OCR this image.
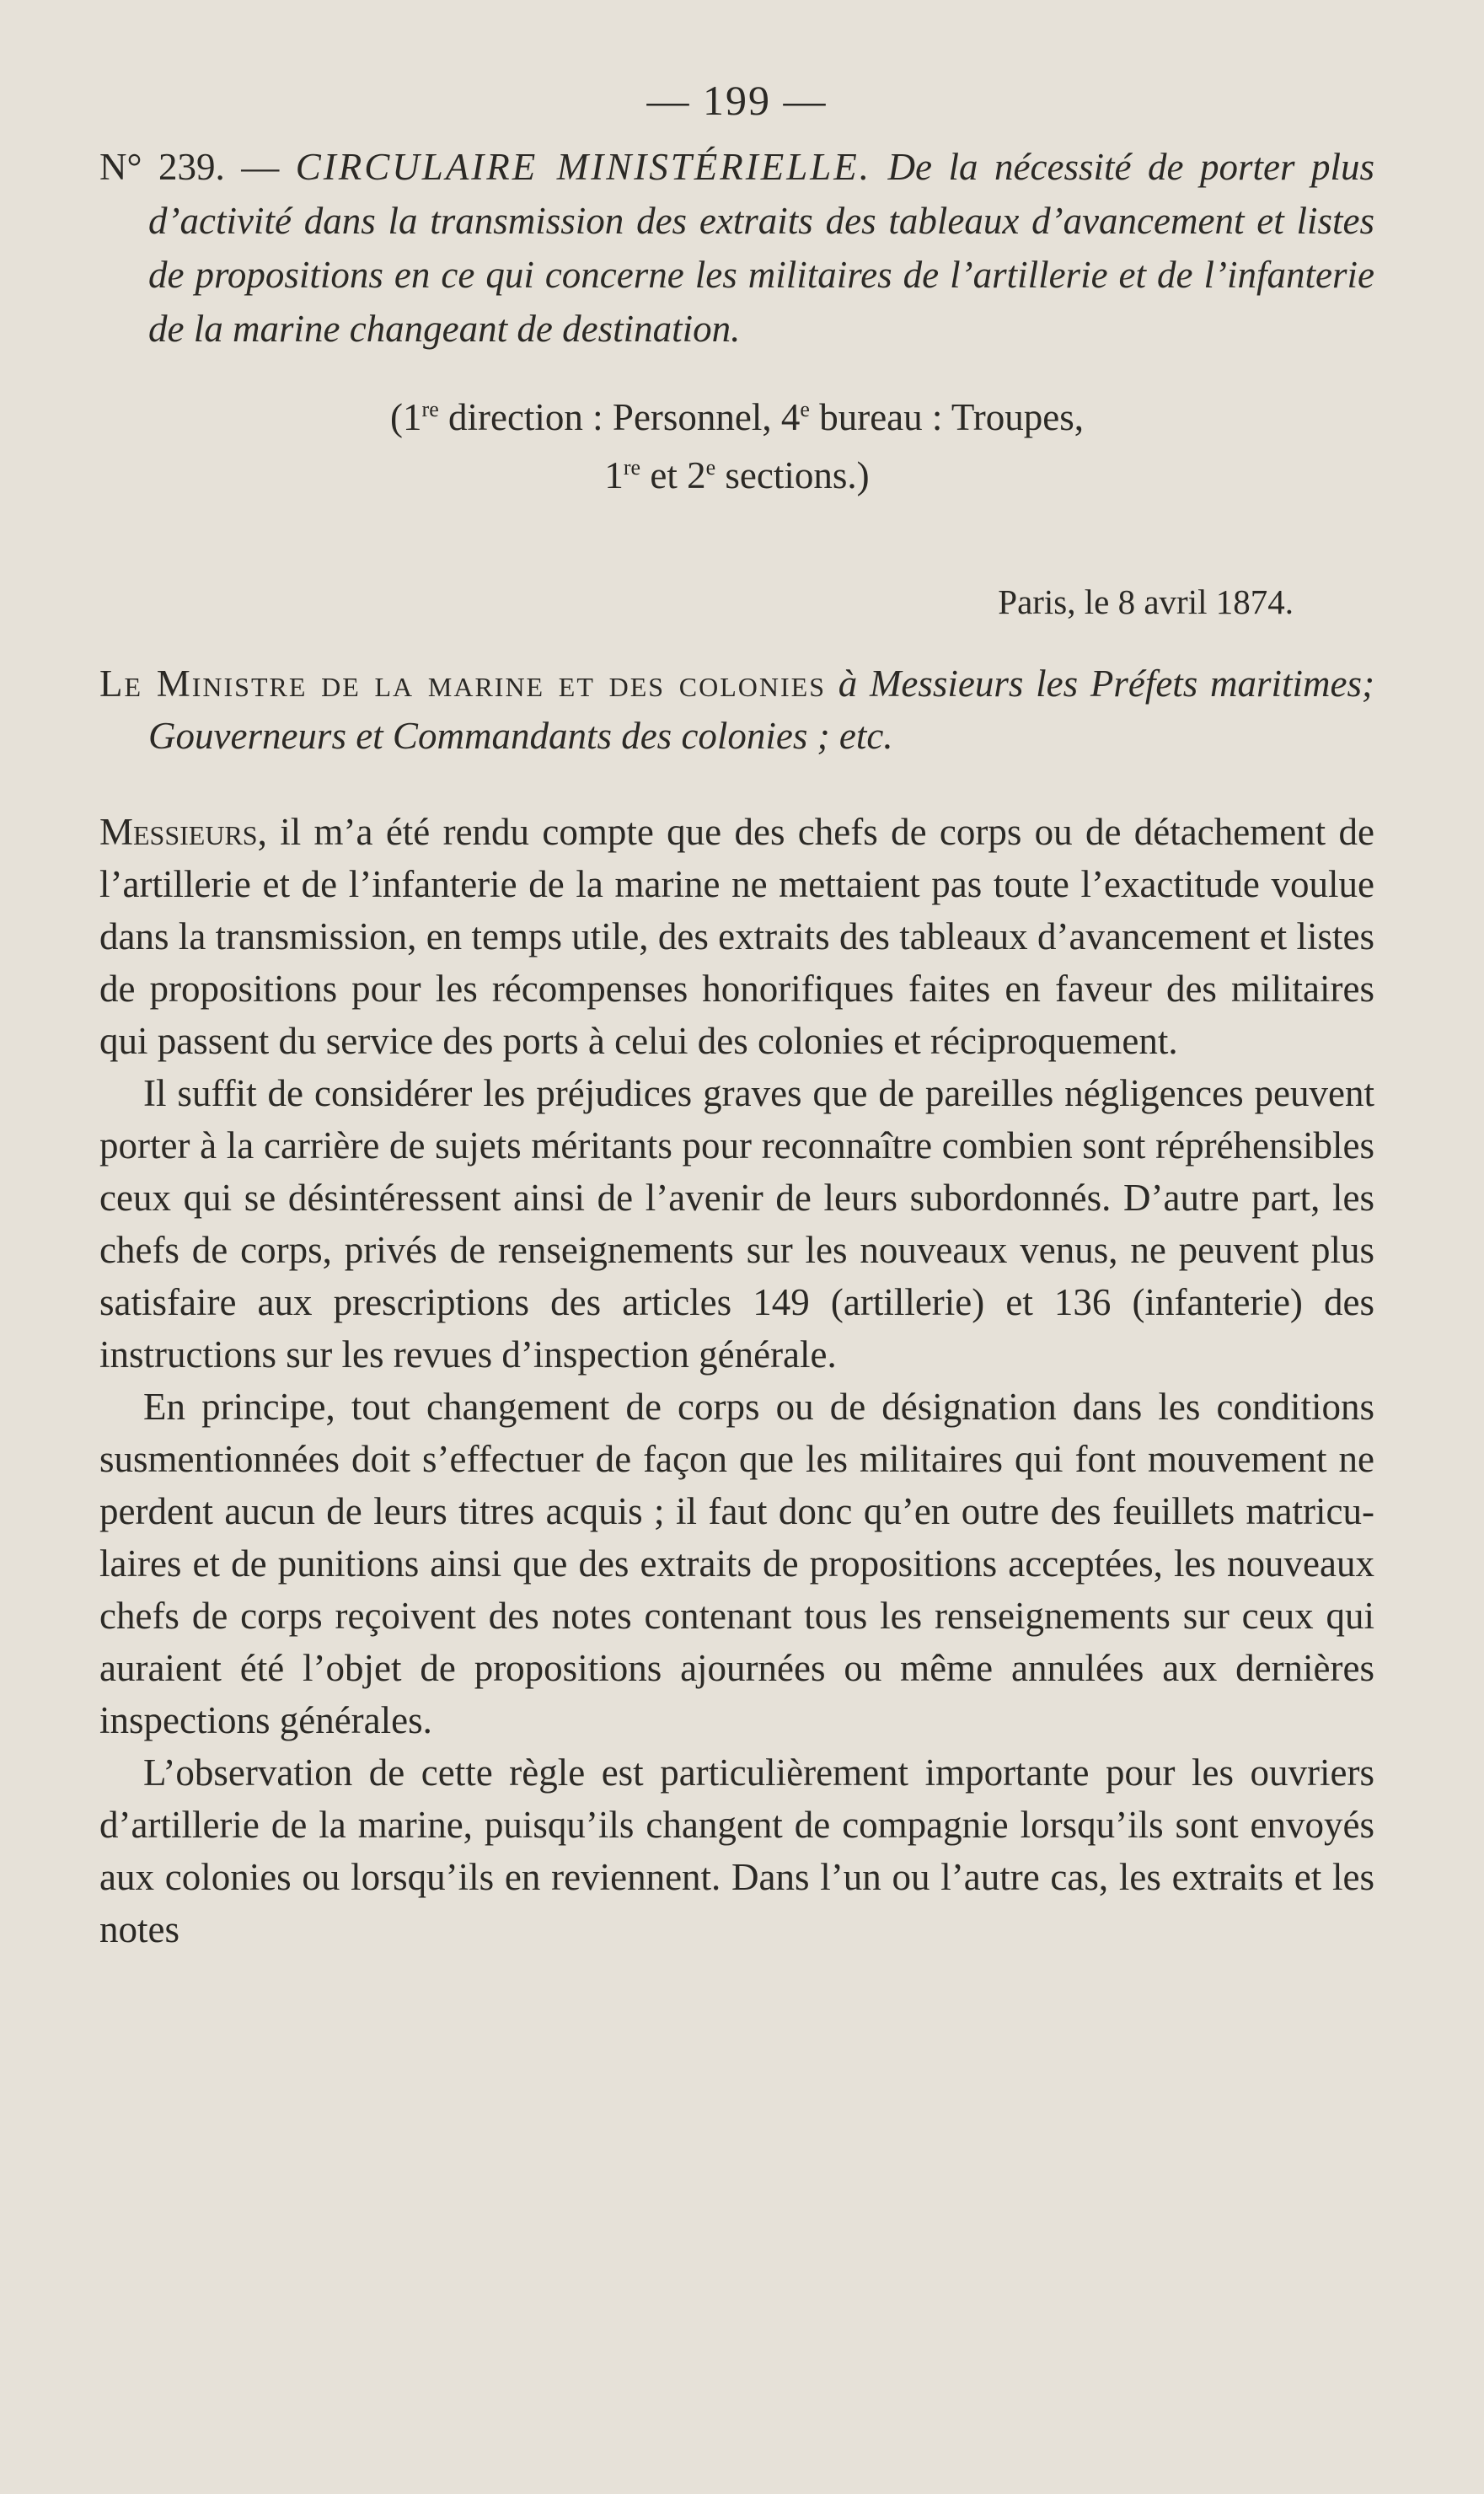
— 199 —

N° 239. — CIRCULAIRE MINISTÉRIELLE. De la nécessité de porter plus d’activité dans la transmission des extraits des tableaux d’avancement et listes de propositions en ce qui concerne les militaires de l’artillerie et de l’infanterie de la marine changeant de destination.

(1re direction : Personnel, 4e bureau : Troupes,
1re et 2e sections.)
Paris, le 8 avril 1874.

Le Ministre de la marine et des colonies à Messieurs les Préfets maritimes; Gouverneurs et Commandants des colonies ; etc.

Messieurs, il m’a été rendu compte que des chefs de corps ou de détachement de l’artillerie et de l’infanterie de la marine ne mettaient pas toute l’exactitude voulue dans la transmission, en temps utile, des extraits des tableaux d’avancement et listes de propositions pour les récompenses honorifiques faites en faveur des militaires qui passent du service des ports à celui des colonies et réciproquement.

Il suffit de considérer les préjudices graves que de pareilles négligences peuvent porter à la carrière de sujets méritants pour reconnaître combien sont répréhensibles ceux qui se désintéressent ainsi de l’avenir de leurs subordonnés. D’autre part, les chefs de corps, privés de renseignements sur les nouveaux venus, ne peuvent plus satisfaire aux prescriptions des articles 149 (artillerie) et 136 (infanterie) des instructions sur les revues d’inspection générale.

En principe, tout changement de corps ou de désignation dans les conditions susmentionnées doit s’effectuer de façon que les militaires qui font mouvement ne perdent aucun de leurs titres acquis ; il faut donc qu’en outre des feuillets matriculaires et de punitions ainsi que des extraits de propositions acceptées, les nouveaux chefs de corps reçoivent des notes contenant tous les renseignements sur ceux qui auraient été l’objet de propositions ajournées ou même annulées aux dernières inspections générales.

L’observation de cette règle est particulièrement importante pour les ouvriers d’artillerie de la marine, puisqu’ils changent de compagnie lorsqu’ils sont envoyés aux colonies ou lorsqu’ils en reviennent. Dans l’un ou l’autre cas, les extraits et les notes
